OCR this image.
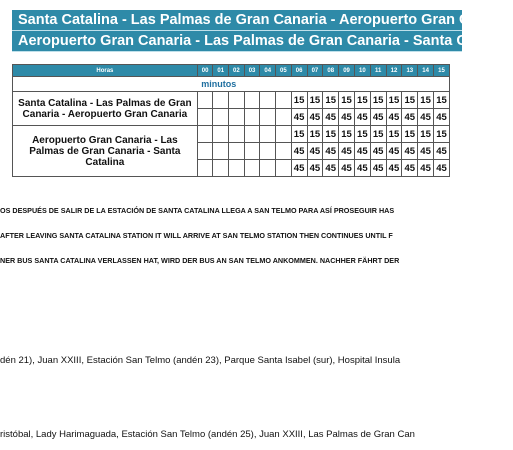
Santa Catalina - Las Palmas de Gran Canaria - Aeropuerto Gran Canaria
Aeropuerto Gran Canaria - Las Palmas de Gran Canaria - Santa Catalina
Horas	00	01	02	03	04	05	06	07	08	09	10	11	12	13	14	15
	minutos															
Santa Catalina - Las Palmas de Gran Canaria - Aeropuerto Gran Canaria							15	15	15	15	15	15	15	15	15	15
							45	45	45	45	45	45	45	45	45	45
Aeropuerto Gran Canaria - Las Palmas de Gran Canaria - Santa Catalina							15	15	15	15	15	15	15	15	15	15
							45	45	45	45	45	45	45	45	45	45
							45	45	45	45	45	45	45	45	45	45
OS DESPUÉS DE SALIR DE LA ESTACIÓN DE SANTA CATALINA LLEGA A SAN TELMO PARA ASÍ PROSEGUIR HAS
AFTER LEAVING SANTA CATALINA STATION IT WILL ARRIVE AT SAN TELMO STATION THEN CONTINUES UNTIL F
NER BUS SANTA CATALINA VERLASSEN HAT, WIRD DER BUS AN SAN TELMO ANKOMMEN. NACHHER FÄHRT DER
dén 21), Juan XXIII, Estación San Telmo (andén 23), Parque Santa Isabel (sur), Hospital Insula
ristóbal, Lady Harimaguada, Estación San Telmo (andén 25), Juan XXIII, Las Palmas de Gran Can
